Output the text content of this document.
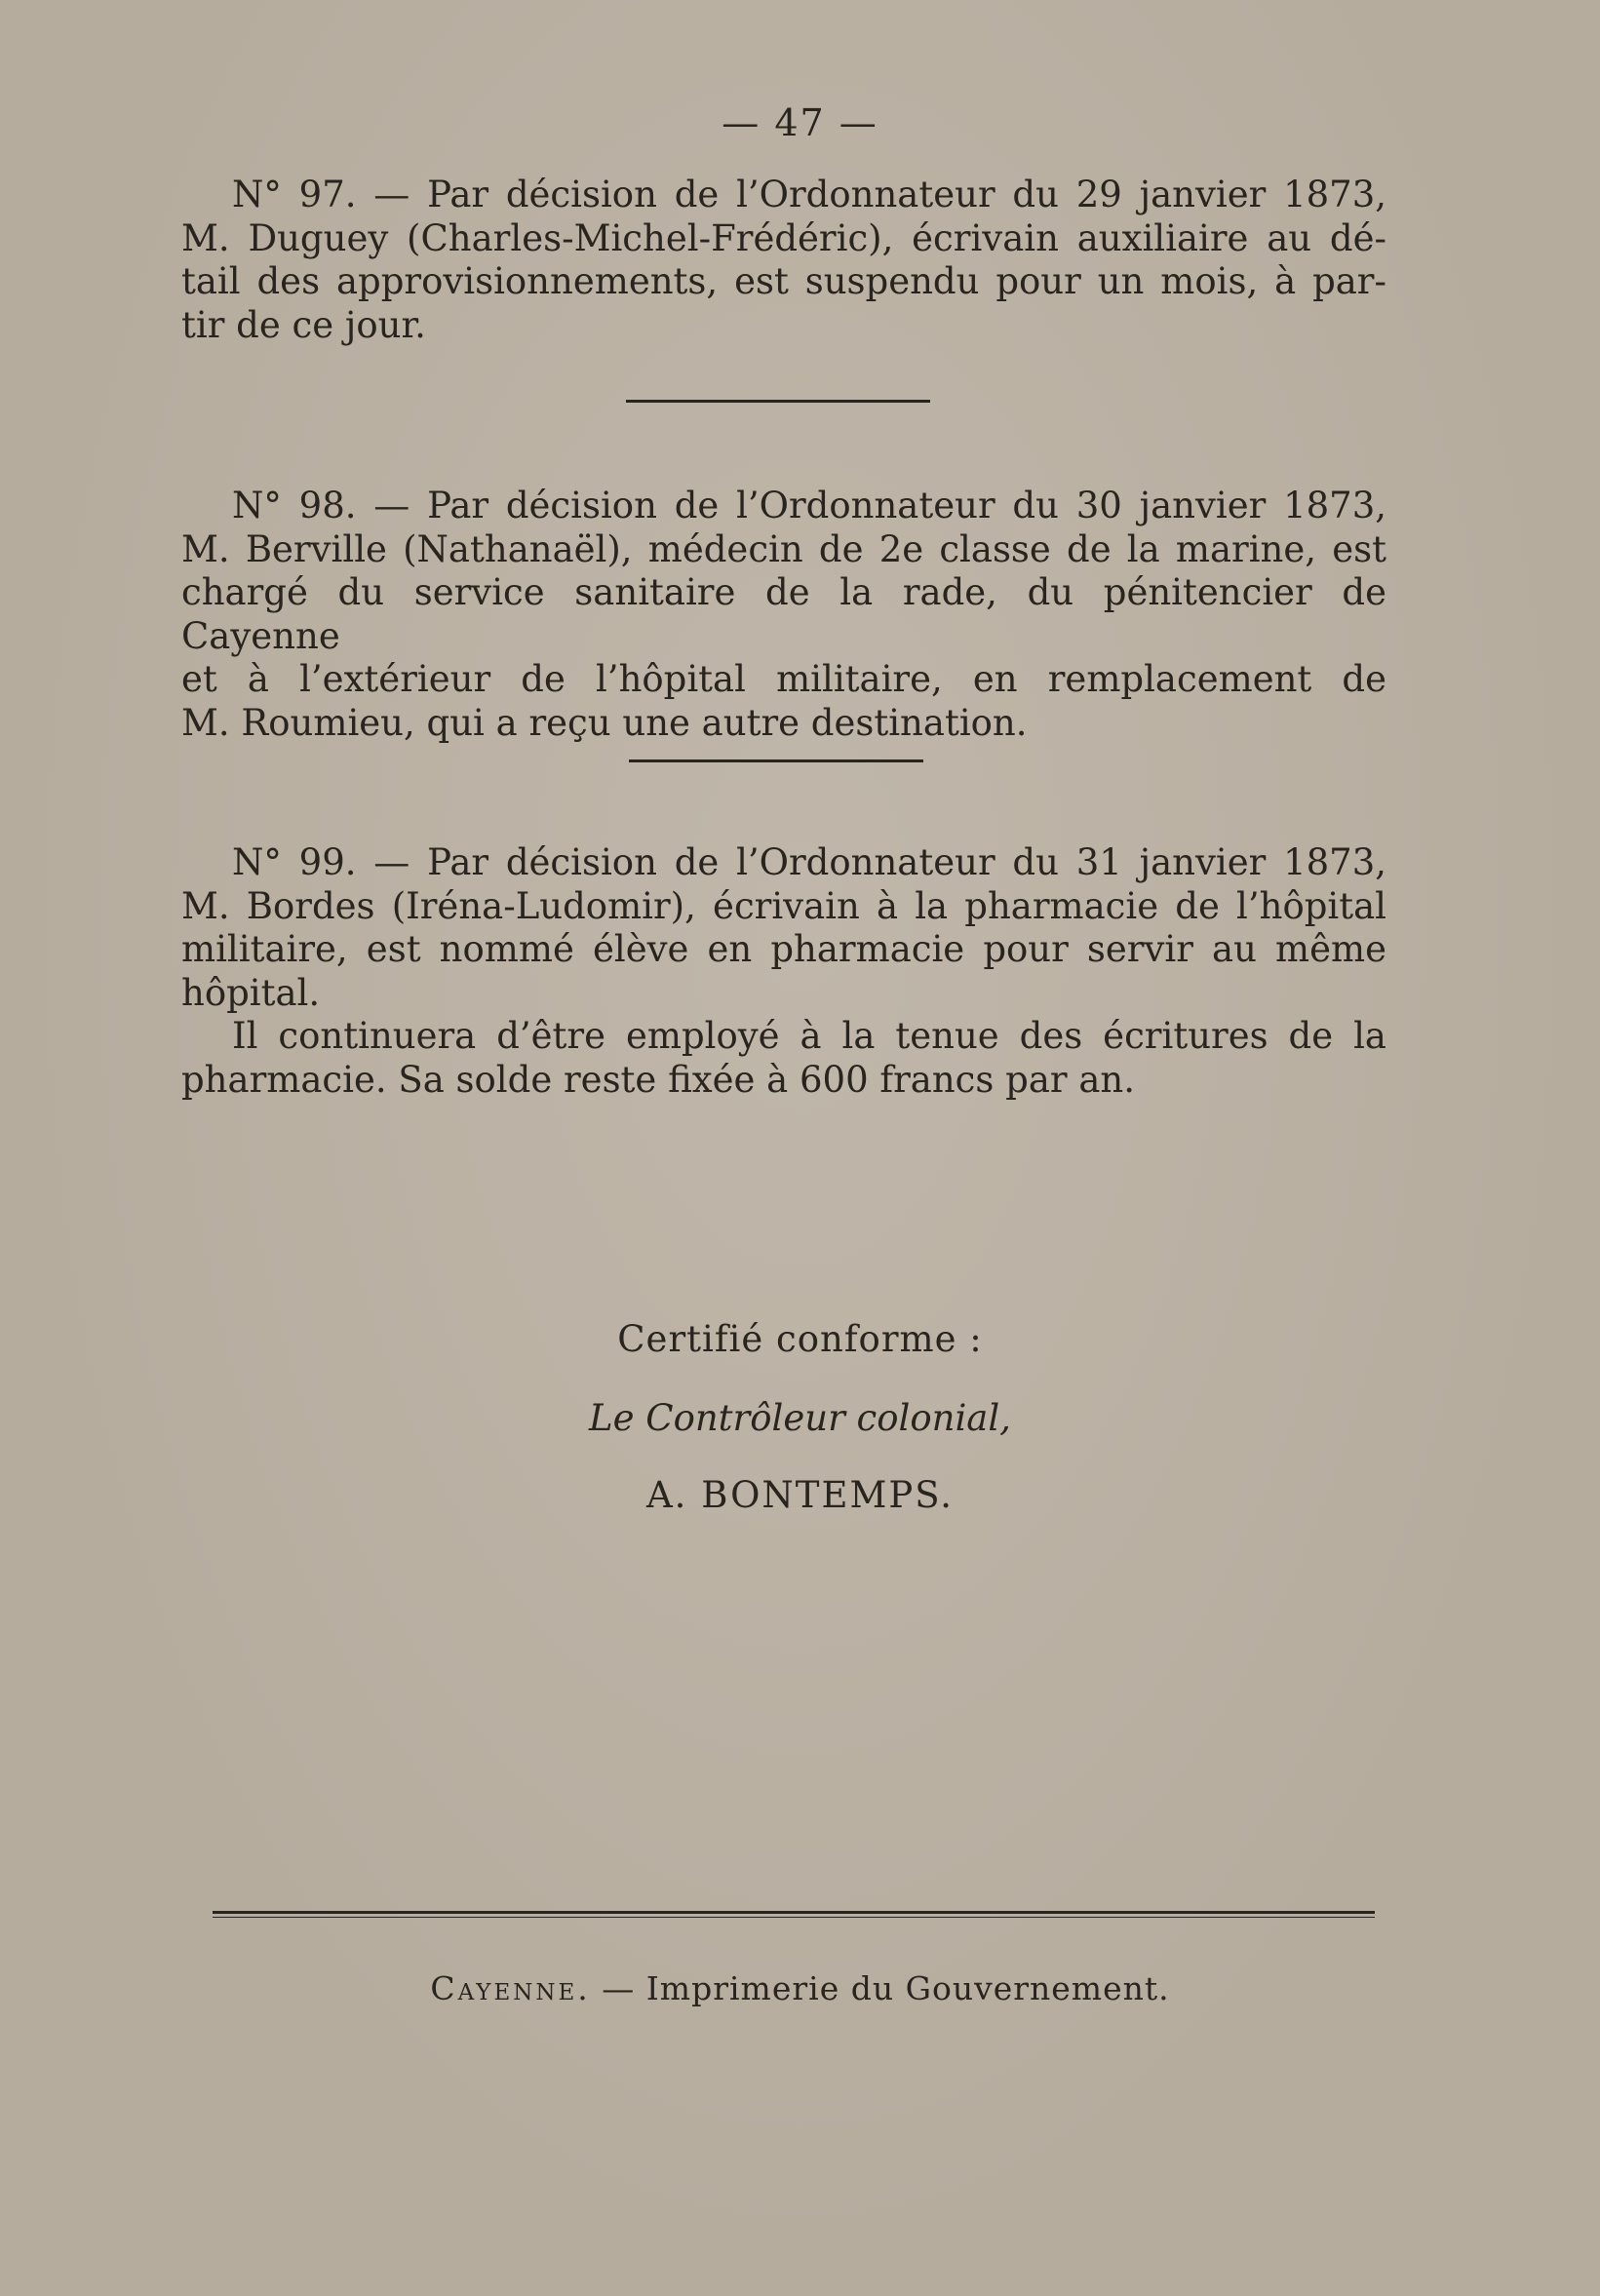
— 47 —

N° 97. — Par décision de l’Ordonnateur du 29 janvier 1873,
M. Duguey (Charles-Michel-Frédéric), écrivain auxiliaire au dé-
tail des approvisionnements, est suspendu pour un mois, à par-
tir de ce jour.

N° 98. — Par décision de l’Ordonnateur du 30 janvier 1873,
M. Berville (Nathanaël), médecin de 2e classe de la marine, est
chargé du service sanitaire de la rade, du pénitencier de Cayenne
et à l’extérieur de l’hôpital militaire, en remplacement de
M. Roumieu, qui a reçu une autre destination.

N° 99. — Par décision de l’Ordonnateur du 31 janvier 1873,
M. Bordes (Iréna-Ludomir), écrivain à la pharmacie de l’hôpital
militaire, est nommé élève en pharmacie pour servir au même
hôpital.

Il continuera d’être employé à la tenue des écritures de la
pharmacie. Sa solde reste fixée à 600 francs par an.

Certifié conforme :
Le Contrôleur colonial,
A. BONTEMPS.
Cayenne. — Imprimerie du Gouvernement.
